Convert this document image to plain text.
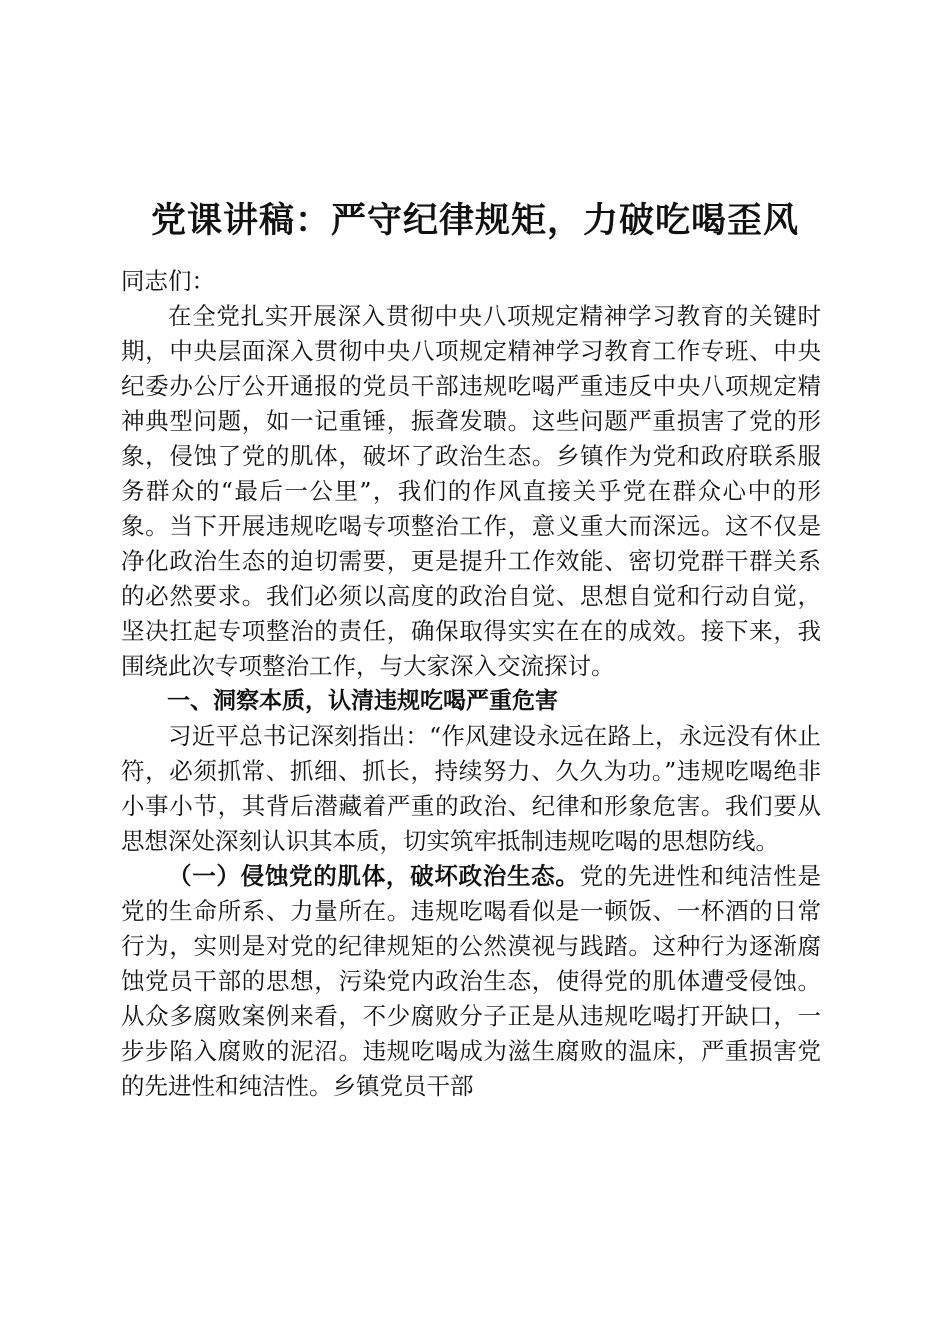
党课讲稿：严守纪律规矩，力破吃喝歪风

同志们：

在全党扎实开展深入贯彻中央八项规定精神学习教育的关键时期，中央层面深入贯彻中央八项规定精神学习教育工作专班、中央纪委办公厅公开通报的党员干部违规吃喝严重违反中央八项规定精神典型问题，如一记重锤，振聋发聩。这些问题严重损害了党的形象，侵蚀了党的肌体，破坏了政治生态。乡镇作为党和政府联系服务群众的“最后一公里”，我们的作风直接关乎党在群众心中的形象。当下开展违规吃喝专项整治工作，意义重大而深远。这不仅是净化政治生态的迫切需要，更是提升工作效能、密切党群干群关系的必然要求。我们必须以高度的政治自觉、思想自觉和行动自觉，坚决扛起专项整治的责任，确保取得实实在在的成效。接下来，我围绕此次专项整治工作，与大家深入交流探讨。

一、洞察本质，认清违规吃喝严重危害

习近平总书记深刻指出：“作风建设永远在路上，永远没有休止符，必须抓常、抓细、抓长，持续努力、久久为功。”违规吃喝绝非小事小节，其背后潜藏着严重的政治、纪律和形象危害。我们要从思想深处深刻认识其本质，切实筑牢抵制违规吃喝的思想防线。

（一）侵蚀党的肌体，破坏政治生态。党的先进性和纯洁性是党的生命所系、力量所在。违规吃喝看似是一顿饭、一杯酒的日常行为，实则是对党的纪律规矩的公然漠视与践踏。这种行为逐渐腐蚀党员干部的思想，污染党内政治生态，使得党的肌体遭受侵蚀。从众多腐败案例来看，不少腐败分子正是从违规吃喝打开缺口，一步步陷入腐败的泥沼。违规吃喝成为滋生腐败的温床，严重损害党的先进性和纯洁性。乡镇党员干部
